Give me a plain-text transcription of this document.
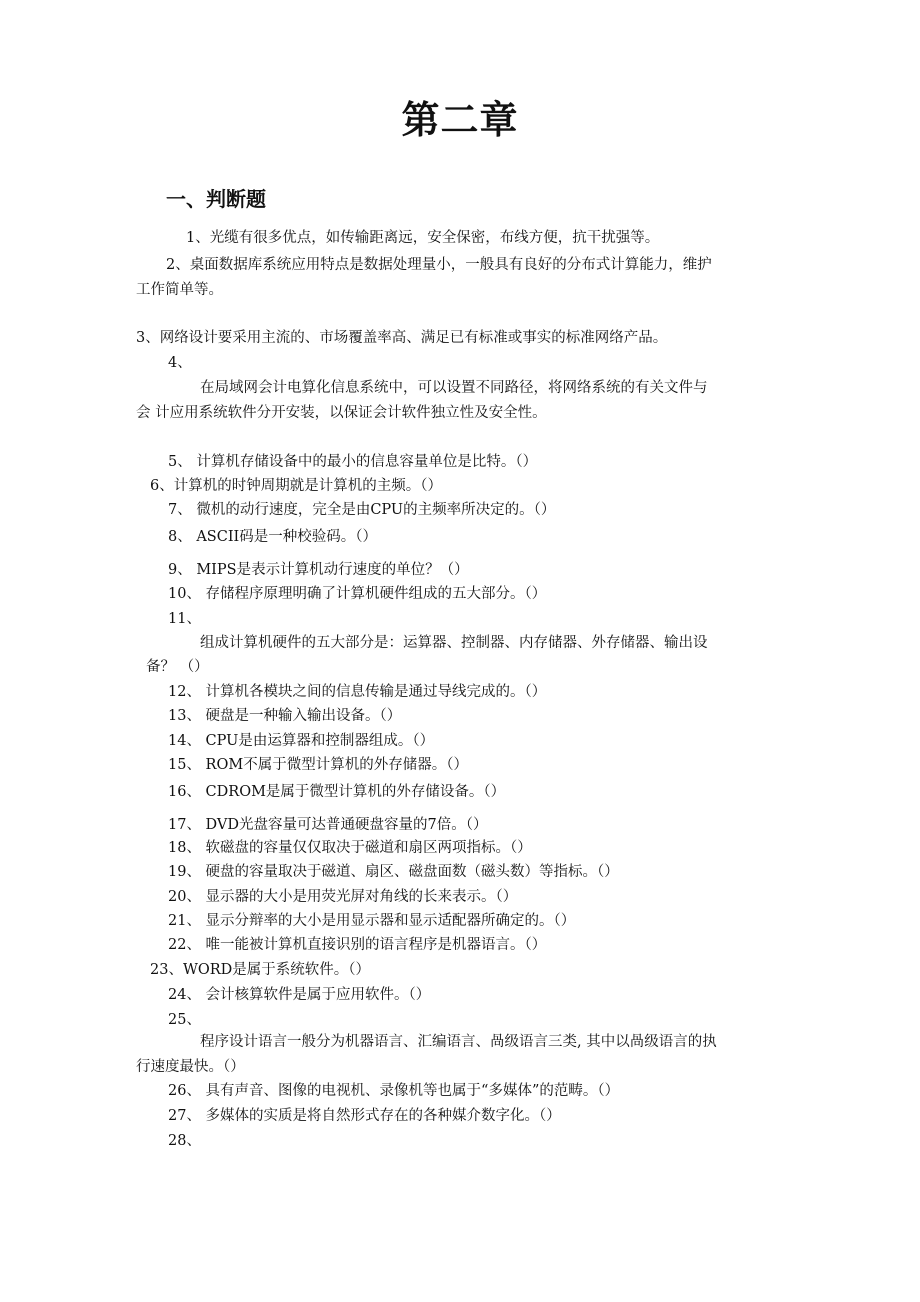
第二章
一、判断题
1、光缆有很多优点，如传输距离远，安全保密，布线方便，抗干扰强等。
2、桌面数据库系统应用特点是数据处理量小，一般具有良好的分布式计算能力，维护
工作简单等。
3、网络设计要采用主流的、市场覆盖率高、满足已有标准或事实的标准网络产品。
4、
在局域网会计电算化信息系统中，可以设置不同路径，将网络系统的有关文件与
会 计应用系统软件分开安装，以保证会计软件独立性及安全性。
5、 计算机存储设备中的最小的信息容量单位是比特。（）
6、计算机的时钟周期就是计算机的主频。（）
7、 微机的动行速度，完全是由CPU的主频率所决定的。（）
8、 ASCII码是一种校验码。（）
9、 MIPS是表示计算机动行速度的单位？（）
10、 存储程序原理明确了计算机硬件组成的五大部分。（）
11、
组成计算机硬件的五大部分是：运算器、控制器、内存储器、外存储器、输出设
备？ （）
12、 计算机各模块之间的信息传输是通过导线完成的。（）
13、 硬盘是一种输入输出设备。（）
14、 CPU是由运算器和控制器组成。（）
15、 ROM不属于微型计算机的外存储器。（）
16、 CDROM是属于微型计算机的外存储设备。（）
17、 DVD光盘容量可达普通硬盘容量的7倍。（）
18、 软磁盘的容量仅仅取决于磁道和扇区两项指标。（）
19、 硬盘的容量取决于磁道、扇区、磁盘面数（磁头数）等指标。（）
20、 显示器的大小是用荧光屏对角线的长来表示。（）
21、 显示分辩率的大小是用显示器和显示适配器所确定的。（）
22、 唯一能被计算机直接识别的语言程序是机器语言。（）
23、WORD是属于系统软件。（）
24、 会计核算软件是属于应用软件。（）
25、
程序设计语言一般分为机器语言、汇编语言、咼级语言三类, 其中以咼级语言的执
行速度最快。（）
26、 具有声音、图像的电视机、录像机等也属于“多媒体”的范畴。（）
27、 多媒体的实质是将自然形式存在的各种媒介数字化。（）
28、
